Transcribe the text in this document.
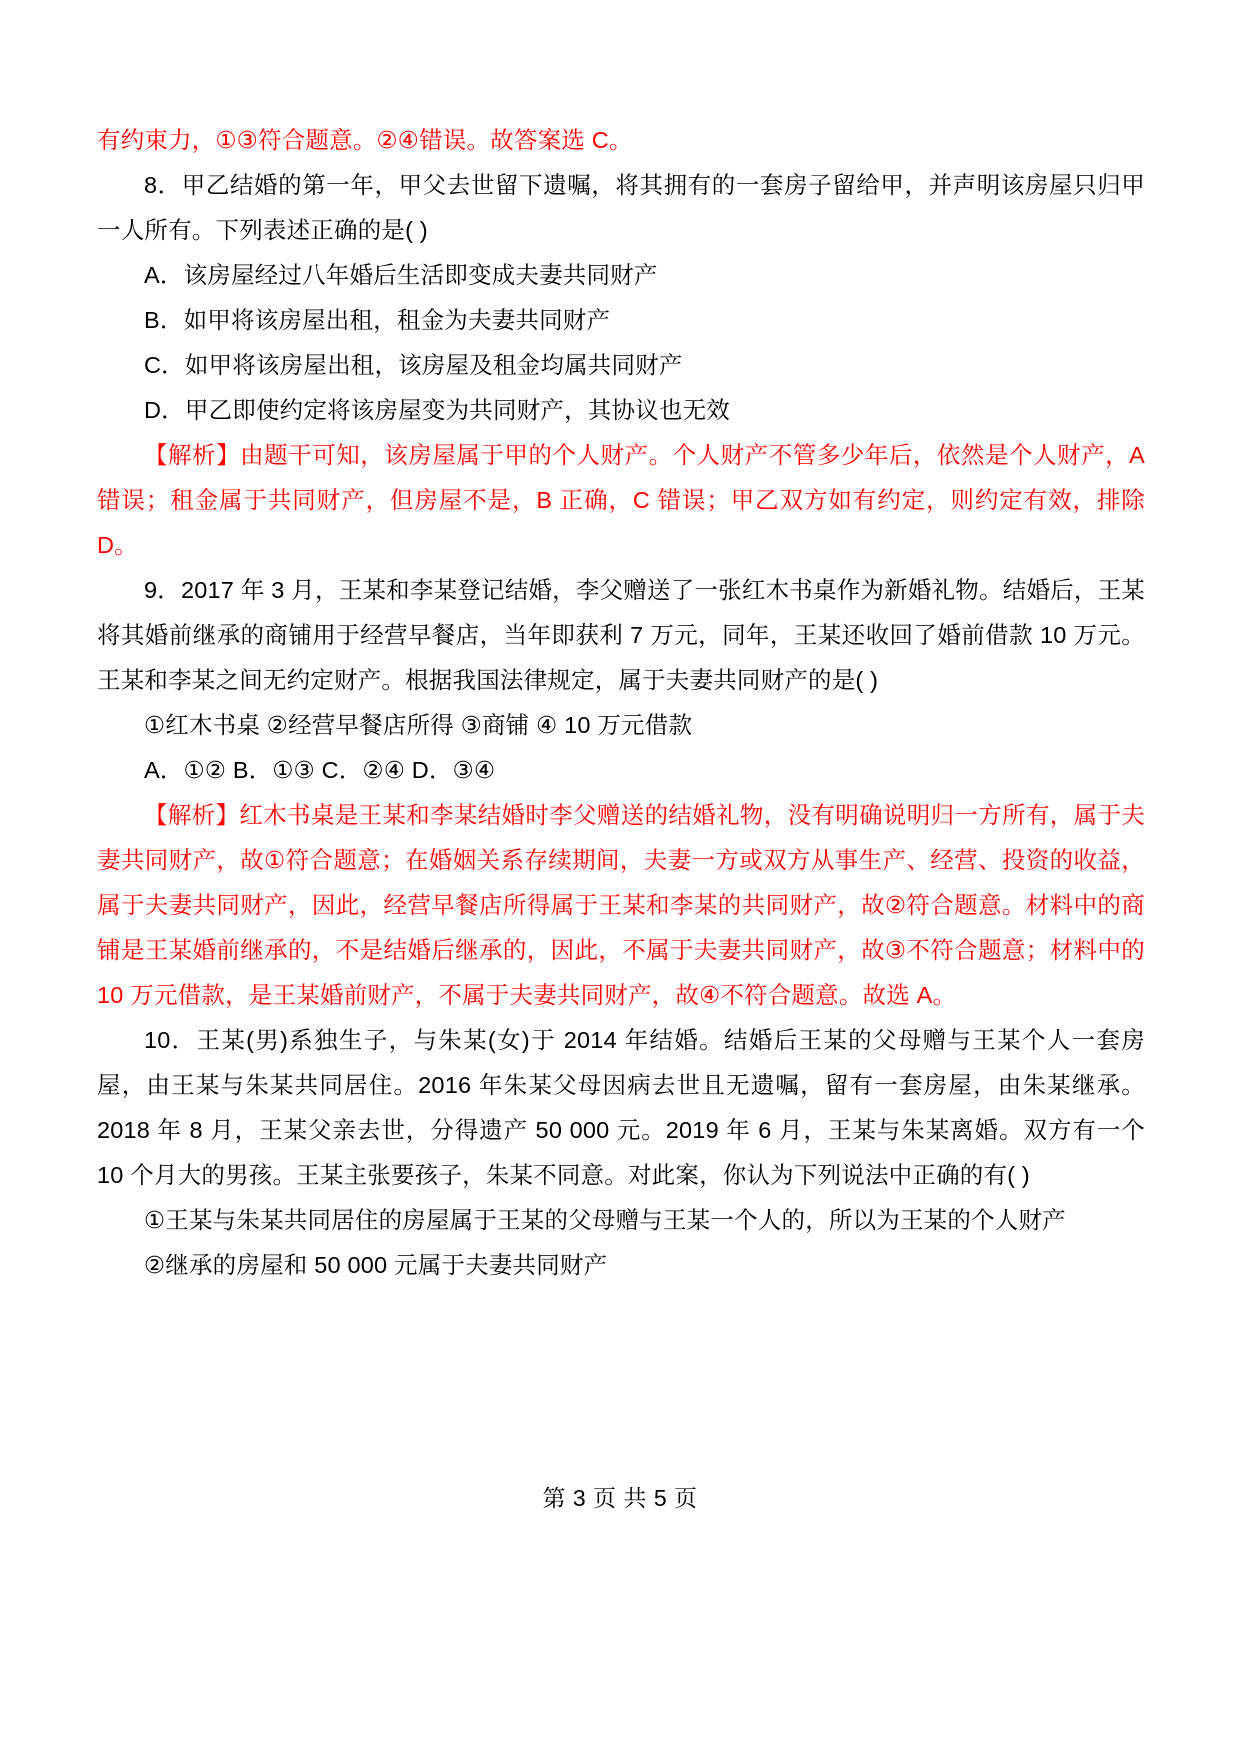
有约束力，①③符合题意。②④错误。故答案选 C。

8．甲乙结婚的第一年，甲父去世留下遗嘱，将其拥有的一套房子留给甲，并声明该房屋只归甲一人所有。下列表述正确的是( )

A．该房屋经过八年婚后生活即变成夫妻共同财产

B．如甲将该房屋出租，租金为夫妻共同财产

C．如甲将该房屋出租，该房屋及租金均属共同财产

D．甲乙即使约定将该房屋变为共同财产，其协议也无效

【解析】由题干可知，该房屋属于甲的个人财产。个人财产不管多少年后，依然是个人财产，A 错误；租金属于共同财产，但房屋不是，B 正确，C 错误；甲乙双方如有约定，则约定有效，排除 D。

9．2017 年 3 月，王某和李某登记结婚，李父赠送了一张红木书桌作为新婚礼物。结婚后，王某将其婚前继承的商铺用于经营早餐店，当年即获利 7 万元，同年，王某还收回了婚前借款 10 万元。王某和李某之间无约定财产。根据我国法律规定，属于夫妻共同财产的是( )

①红木书桌 ②经营早餐店所得 ③商铺 ④ 10 万元借款

A．①② B．①③ C．②④ D．③④

【解析】红木书桌是王某和李某结婚时李父赠送的结婚礼物，没有明确说明归一方所有，属于夫妻共同财产，故①符合题意；在婚姻关系存续期间，夫妻一方或双方从事生产、经营、投资的收益，属于夫妻共同财产，因此，经营早餐店所得属于王某和李某的共同财产，故②符合题意。材料中的商铺是王某婚前继承的，不是结婚后继承的，因此，不属于夫妻共同财产，故③不符合题意；材料中的 10 万元借款，是王某婚前财产，不属于夫妻共同财产，故④不符合题意。故选 A。

10．王某(男)系独生子，与朱某(女)于 2014 年结婚。结婚后王某的父母赠与王某个人一套房屋，由王某与朱某共同居住。2016 年朱某父母因病去世且无遗嘱，留有一套房屋，由朱某继承。2018 年 8 月，王某父亲去世，分得遗产 50 000 元。2019 年 6 月，王某与朱某离婚。双方有一个 10 个月大的男孩。王某主张要孩子，朱某不同意。对此案，你认为下列说法中正确的有( )

①王某与朱某共同居住的房屋属于王某的父母赠与王某一个人的，所以为王某的个人财产

②继承的房屋和 50 000 元属于夫妻共同财产

第 3 页 共 5 页
